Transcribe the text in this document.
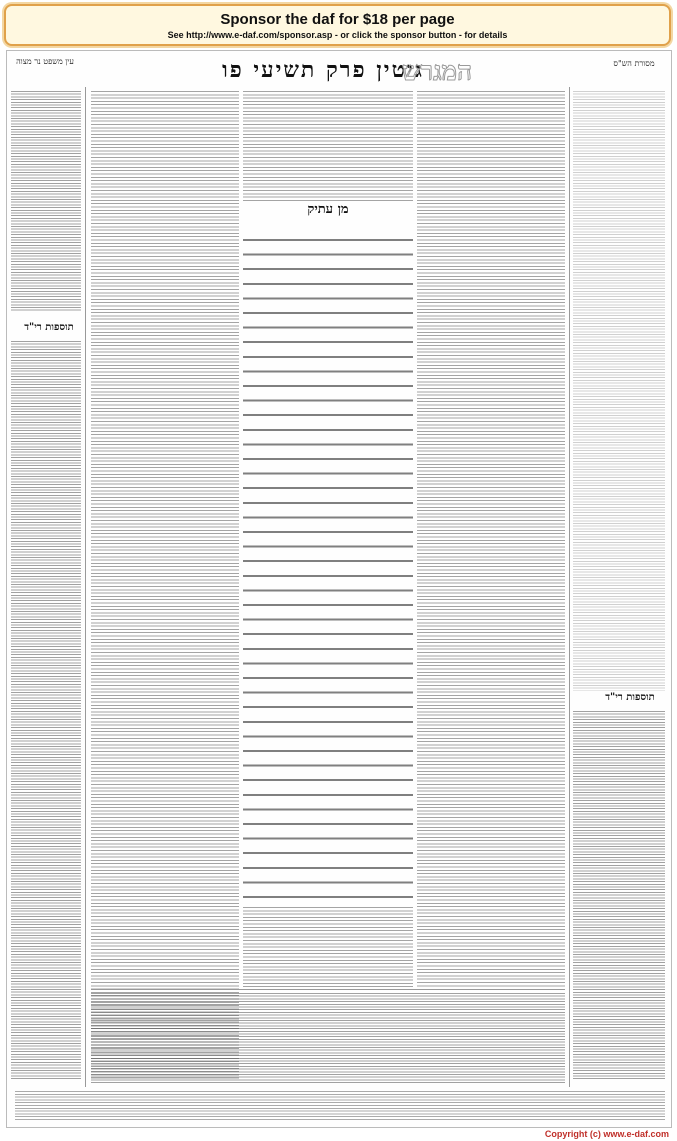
Sponsor the daf for $18 per page
See http://www.e-daf.com/sponsor.asp - or click the sponsor button - for details
עין משפט נר מצוה	גיטין פרק תשיעי פו
המגרש	מסורת הש"ס
תוספות רי"ד
מן עתיק
תוספות רי"ד
Copyright (c) www.e-daf.com
